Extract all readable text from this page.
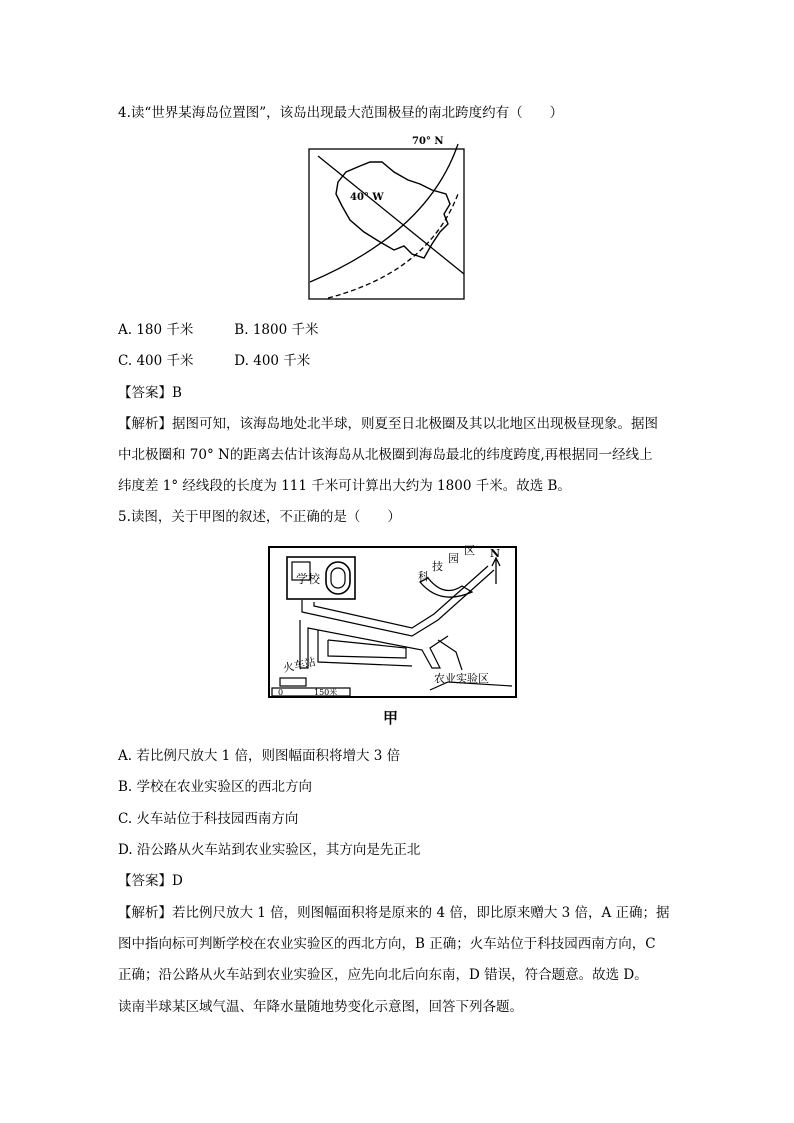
4.读“世界某海岛位置图”，该岛出现最大范围极昼的南北跨度约有（　　）
70° N
40° W
A. 180 千米	B. 1800 千米
C. 400 千米	D. 400 千米
【答案】B
【解析】据图可知，该海岛地处北半球，则夏至日北极圈及其以北地区出现极昼现象。据图
中北极圈和 70° N的距离去估计该海岛从北极圈到海岛最北的纬度跨度,再根据同一经线上
纬度差 1° 经线段的长度为 111 千米可计算出大约为 1800 千米。故选 B。
5.读图，关于甲图的叙述，不正确的是（　　）
学校	科
技
园
区 N
火车站
农业实验区
0	150米
甲
A. 若比例尺放大 1 倍，则图幅面积将增大 3 倍
B. 学校在农业实验区的西北方向
C. 火车站位于科技园西南方向
D. 沿公路从火车站到农业实验区，其方向是先正北
【答案】D
【解析】若比例尺放大 1 倍，则图幅面积将是原来的 4 倍，即比原来赠大 3 倍，A 正确；据
图中指向标可判断学校在农业实验区的西北方向，B 正确；火车站位于科技园西南方向，C
正确；沿公路从火车站到农业实验区，应先向北后向东南，D 错误，符合题意。故选 D。
读南半球某区域气温、年降水量随地势变化示意图，回答下列各题。
